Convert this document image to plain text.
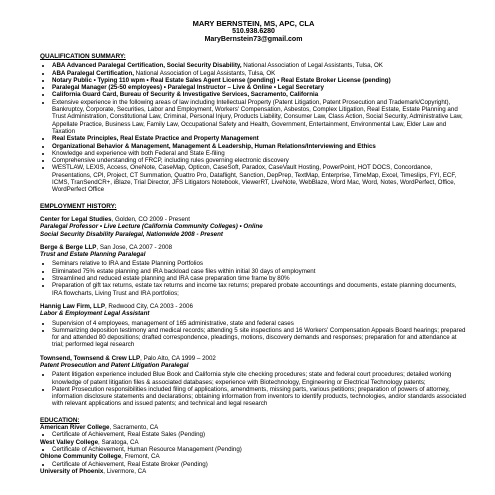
MARY BERNSTEIN, MS, APC, CLA
510.938.6280
MaryBernstein73@gmail.com
QUALIFICATION SUMMARY:
• ABA Advanced Paralegal Certification, Social Security Disability, National Association of Legal Assistants, Tulsa, OK
• ABA Paralegal Certification, National Association of Legal Assistants, Tulsa, OK
• Notary Public • Typing 110 wpm • Real Estate Sales Agent License (pending) • Real Estate Broker License (pending)
• Paralegal Manager (25-50 employees) • Paralegal Instructor – Live & Online • Legal Secretary
• California Guard Card, Bureau of Security & Investigative Services, Sacramento, California
• Extensive experience in the following areas of law including Intellectual Property (Patent Litigation, Patent Prosecution and Trademark/Copyright), Bankruptcy, Corporate, Securities, Labor and Employment, Workers' Compensation, Asbestos, Complex Litigation, Real Estate, Estate Planning and Trust Administration, Constitutional Law, Criminal, Personal Injury, Products Liability, Consumer Law, Class Action, Social Security, Administrative Law, Appellate Practice, Business Law, Family Law, Occupational Safety and Health, Government, Entertainment, Environmental Law, Elder Law and Taxation
• Real Estate Principles, Real Estate Practice and Property Management
• Organizational Behavior & Management, Management & Leadership, Human Relations/Interviewing and Ethics
• Knowledge and experience with both Federal and State E-filing
• Comprehensive understanding of FRCP, including rules governing electronic discovery
• WESTLAW, LEXIS, Access, OneNote, CaseMap, Opticon, CaseSoft, Paradox, CaseVault Hosting, PowerPoint, HOT DOCS, Concordance, Presentations, CPI, Project, CT Summation, Quattro Pro, Dataflight, Sanction, DepPrep, TextMap, Enterprise, TimeMap, Excel, Timeslips, FYI, ECF, ICMS, TranSendCR+, iBlaze, Trial Director, JFS Litigators Notebook, ViewerRT, LiveNote, WebBlaze, Word Mac, Word, Notes, WordPerfect, Office, WordPerfect Office
EMPLOYMENT HISTORY:
Center for Legal Studies, Golden, CO 2009 - Present
Paralegal Professor • Live Lecture (California Community Colleges) • Online
Social Security Disability Paralegal, Nationwide 2008 - Present
Berge & Berge LLP, San Jose, CA 2007 - 2008
Trust and Estate Planning Paralegal
• Seminars relative to IRA and Estate Planning Portfolios
• Eliminated 75% estate planning and IRA backload case files within initial 30 days of employment
• Streamlined and reduced estate planning and IRA case preparation time frame by 80%
• Preparation of gift tax returns, estate tax returns and income tax returns; prepared probate accountings and documents, estate planning documents, IRA flowcharts, Living Trust and IRA portfolios;
Hannig Law Firm, LLP, Redwood City, CA 2003 - 2006
Labor & Employment Legal Assistant
• Supervision of 4 employees, management of 165 administrative, state and federal cases
• Summarizing deposition testimony and medical records; attending 5 site inspections and 16 Workers' Compensation Appeals Board hearings; prepared for and attended 80 depositions; drafted correspondence, pleadings, motions, discovery demands and responses; preparation for and attendance at trial; performed legal research
Townsend, Townsend & Crew LLP, Palo Alto, CA 1999 – 2002
Patent Prosecution and Patent Litigation Paralegal
• Patent litigation experience included Blue Book and California style cite checking procedures; state and federal court procedures; detailed working knowledge of patent litigation files & associated databases; experience with Biotechnology, Engineering or Electrical Technology patents;
• Patent Prosecution responsibilities included filing of applications, amendments, missing parts, various petitions; preparation of powers of attorney, information disclosure statements and declarations; obtaining information from inventors to identify products, technologies, and/or standards associated with relevant applications and issued patents; and technical and legal research
EDUCATION:
American River College, Sacramento, CA
• Certificate of Achievement, Real Estate Sales (Pending)
West Valley College, Saratoga, CA
• Certificate of Achievement, Human Resource Management (Pending)
Ohlone Community College, Fremont, CA
• Certificate of Achievement, Real Estate Broker (Pending)
University of Phoenix, Livermore, CA
